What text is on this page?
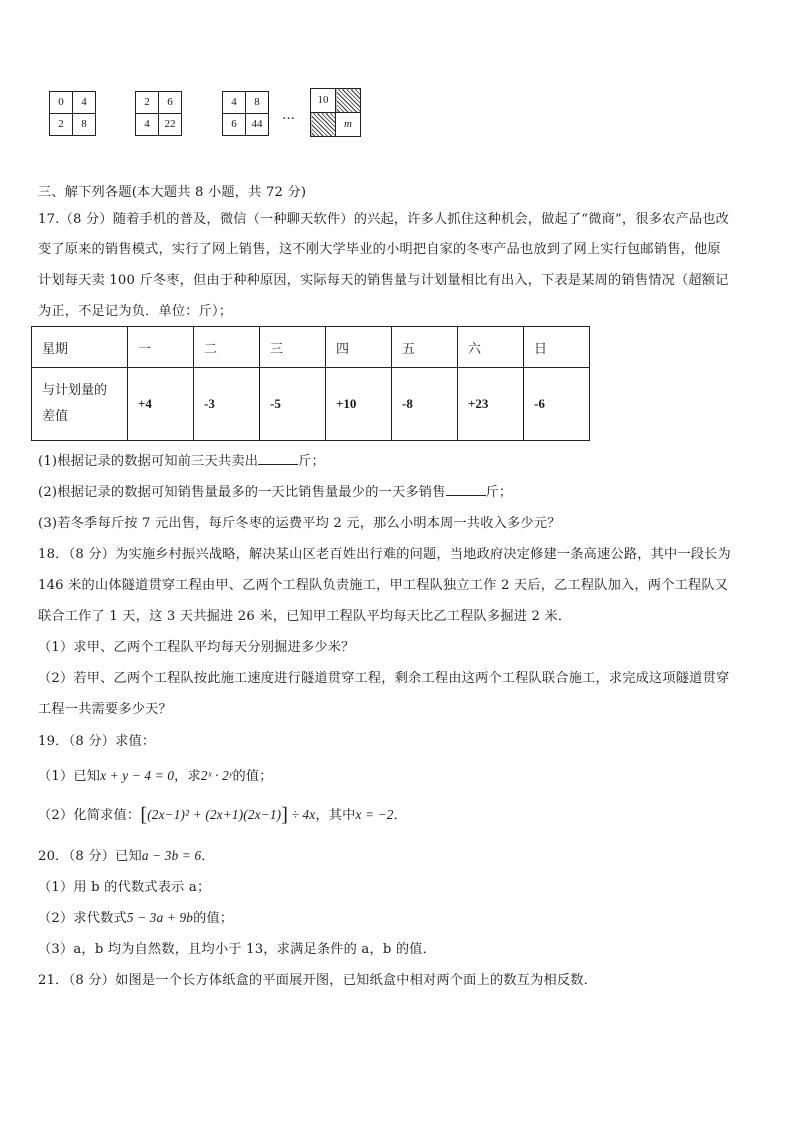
0	4
2	8
2	6
4	22
4	8
6	44
…
10	
	m
三、解下列各题(本大题共 8 小题，共 72 分)
17.（8 分）随着手机的普及，微信（一种聊天软件）的兴起，许多人抓住这种机会，做起了“微商”，很多农产品也改
变了原来的销售模式，实行了网上销售，这不刚大学毕业的小明把自家的冬枣产品也放到了网上实行包邮销售，他原
计划每天卖 100 斤冬枣，但由于种种原因，实际每天的销售量与计划量相比有出入，下表是某周的销售情况（超额记
为正，不足记为负．单位：斤）；
星期	一	二	三	四	五	六	日

与计划量的
差值	+4	-3	-5	+10	-8	+23	-6
(1)根据记录的数据可知前三天共卖出	斤；
(2)根据记录的数据可知销售量最多的一天比销售量最少的一天多销售	斤；
(3)若冬季每斤按 7 元出售，每斤冬枣的运费平均 2 元，那么小明本周一共收入多少元？
18．（8 分）为实施乡村振兴战略，解决某山区老百姓出行难的问题，当地政府决定修建一条高速公路，其中一段长为
146 米的山体隧道贯穿工程由甲、乙两个工程队负责施工，甲工程队独立工作 2 天后，乙工程队加入，两个工程队又
联合工作了 1 天，这 3 天共掘进 26 米，已知甲工程队平均每天比乙工程队多掘进 2 米．
（1）求甲、乙两个工程队平均每天分别掘进多少米？
（2）若甲、乙两个工程队按此施工速度进行隧道贯穿工程，剩余工程由这两个工程队联合施工，求完成这项隧道贯穿
工程一共需要多少天？
19．（8 分）求值：
（1）已知x + y − 4 = 0，求2ˣ · 2ʸ的值；
（2）化简求值：[(2x−1)² + (2x+1)(2x−1)] ÷ 4x，其中x = −2．
20．（8 分）已知a − 3b = 6．
（1）用 b 的代数式表示 a；
（2）求代数式5 − 3a + 9b的值；
（3）a，b 均为自然数，且均小于 13，求满足条件的 a，b 的值．
21．（8 分）如图是一个长方体纸盒的平面展开图，已知纸盒中相对两个面上的数互为相反数．
